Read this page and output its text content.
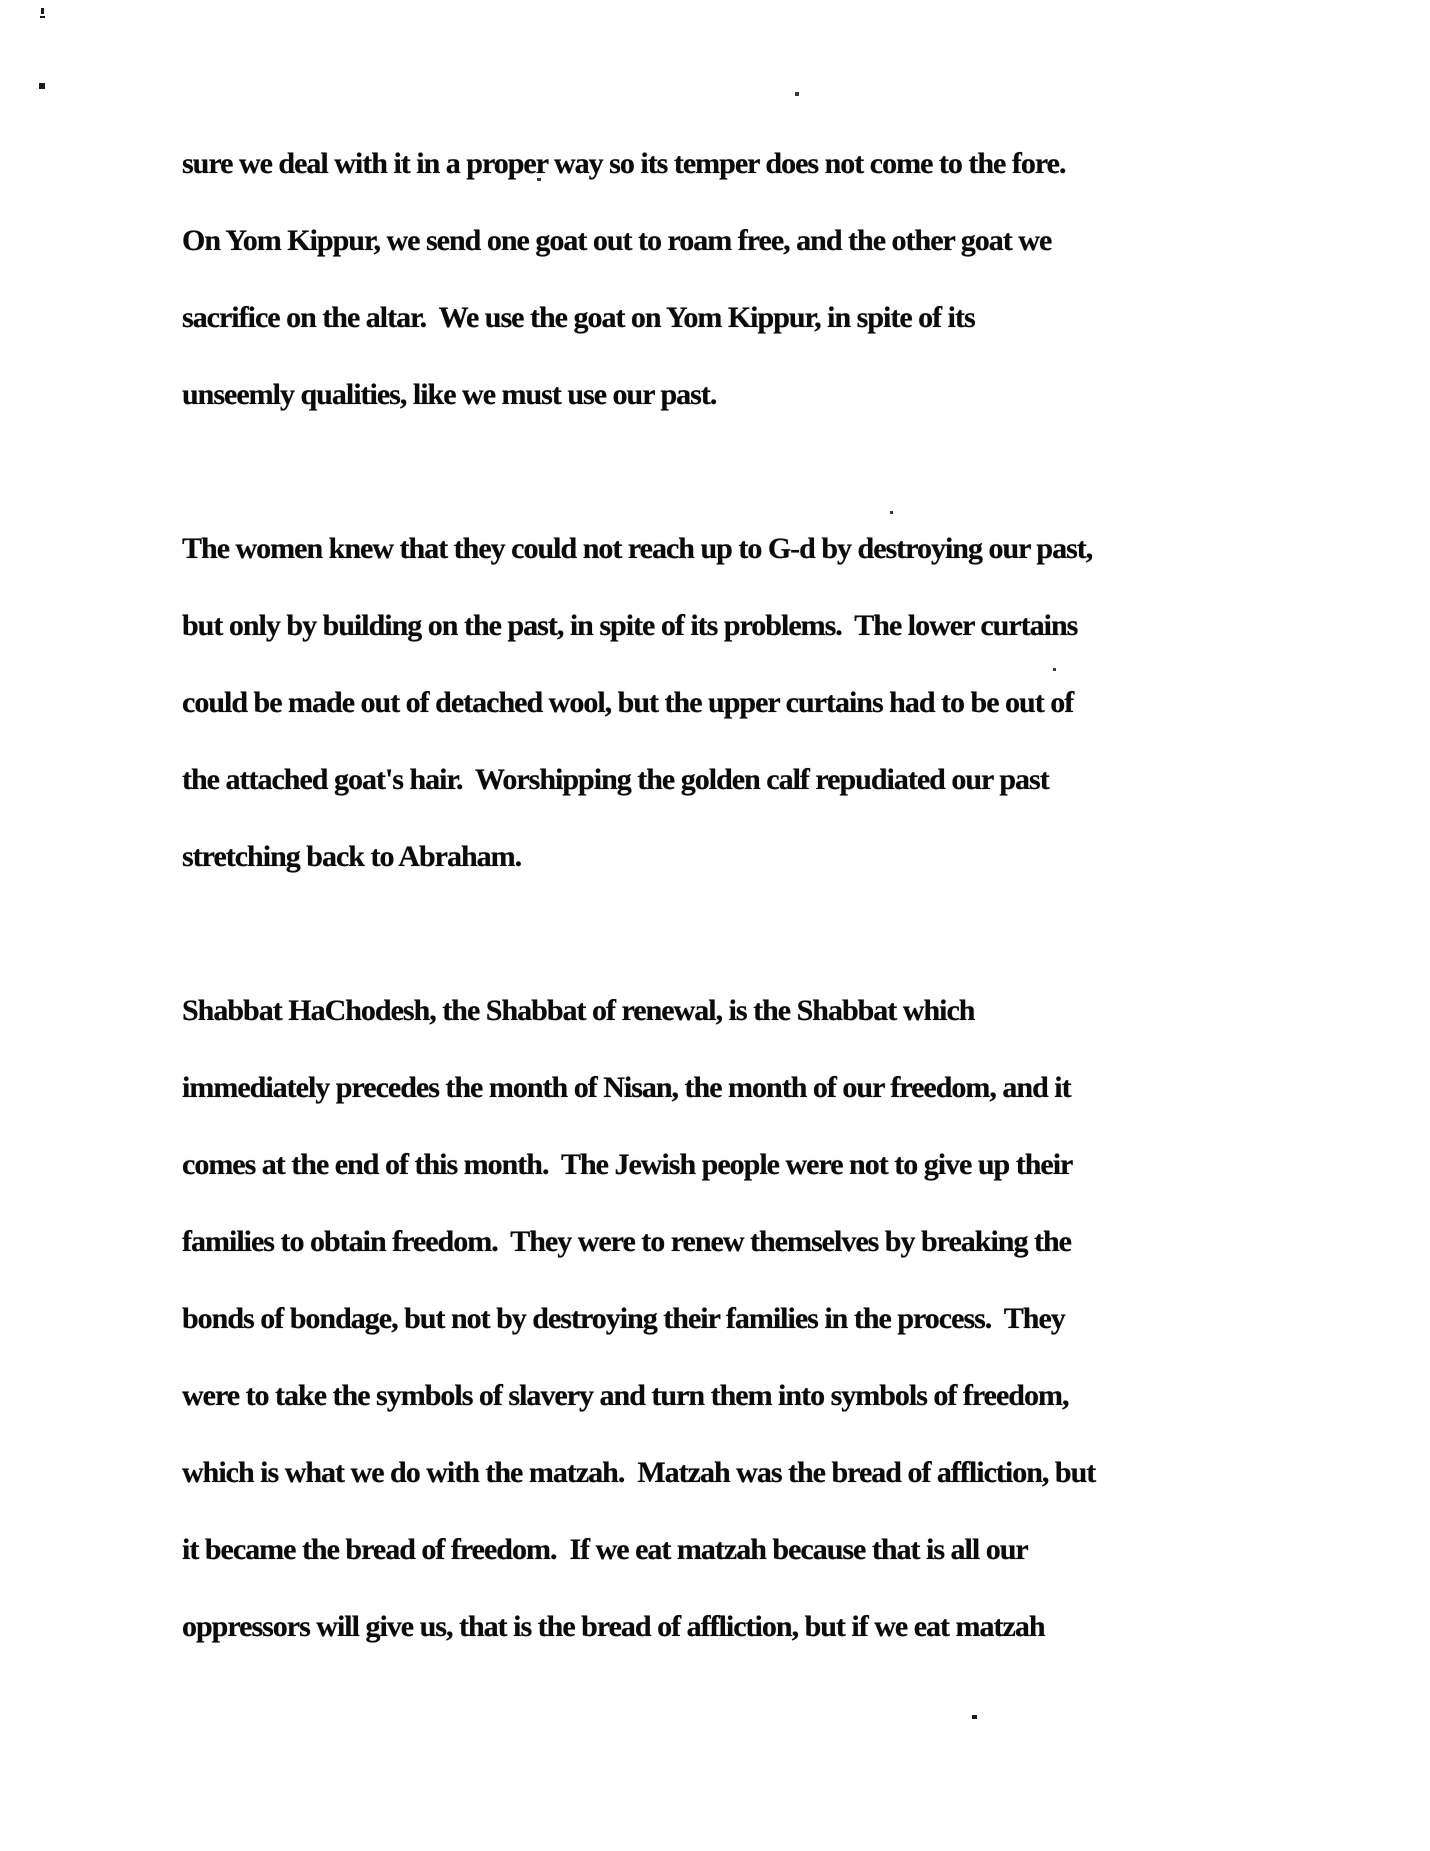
sure we deal with it in a proper way so its temper does not come to the fore.
On Yom Kippur, we send one goat out to roam free, and the other goat we
sacrifice on the altar.  We use the goat on Yom Kippur, in spite of its
unseemly qualities, like we must use our past.
The women knew that they could not reach up to G-d by destroying our past,
but only by building on the past, in spite of its problems.  The lower curtains
could be made out of detached wool, but the upper curtains had to be out of
the attached goat's hair.  Worshipping the golden calf repudiated our past
stretching back to Abraham.
Shabbat HaChodesh, the Shabbat of renewal, is the Shabbat which
immediately precedes the month of Nisan, the month of our freedom, and it
comes at the end of this month.  The Jewish people were not to give up their
families to obtain freedom.  They were to renew themselves by breaking the
bonds of bondage, but not by destroying their families in the process.  They
were to take the symbols of slavery and turn them into symbols of freedom,
which is what we do with the matzah.  Matzah was the bread of affliction, but
it became the bread of freedom.  If we eat matzah because that is all our
oppressors will give us, that is the bread of affliction, but if we eat matzah
